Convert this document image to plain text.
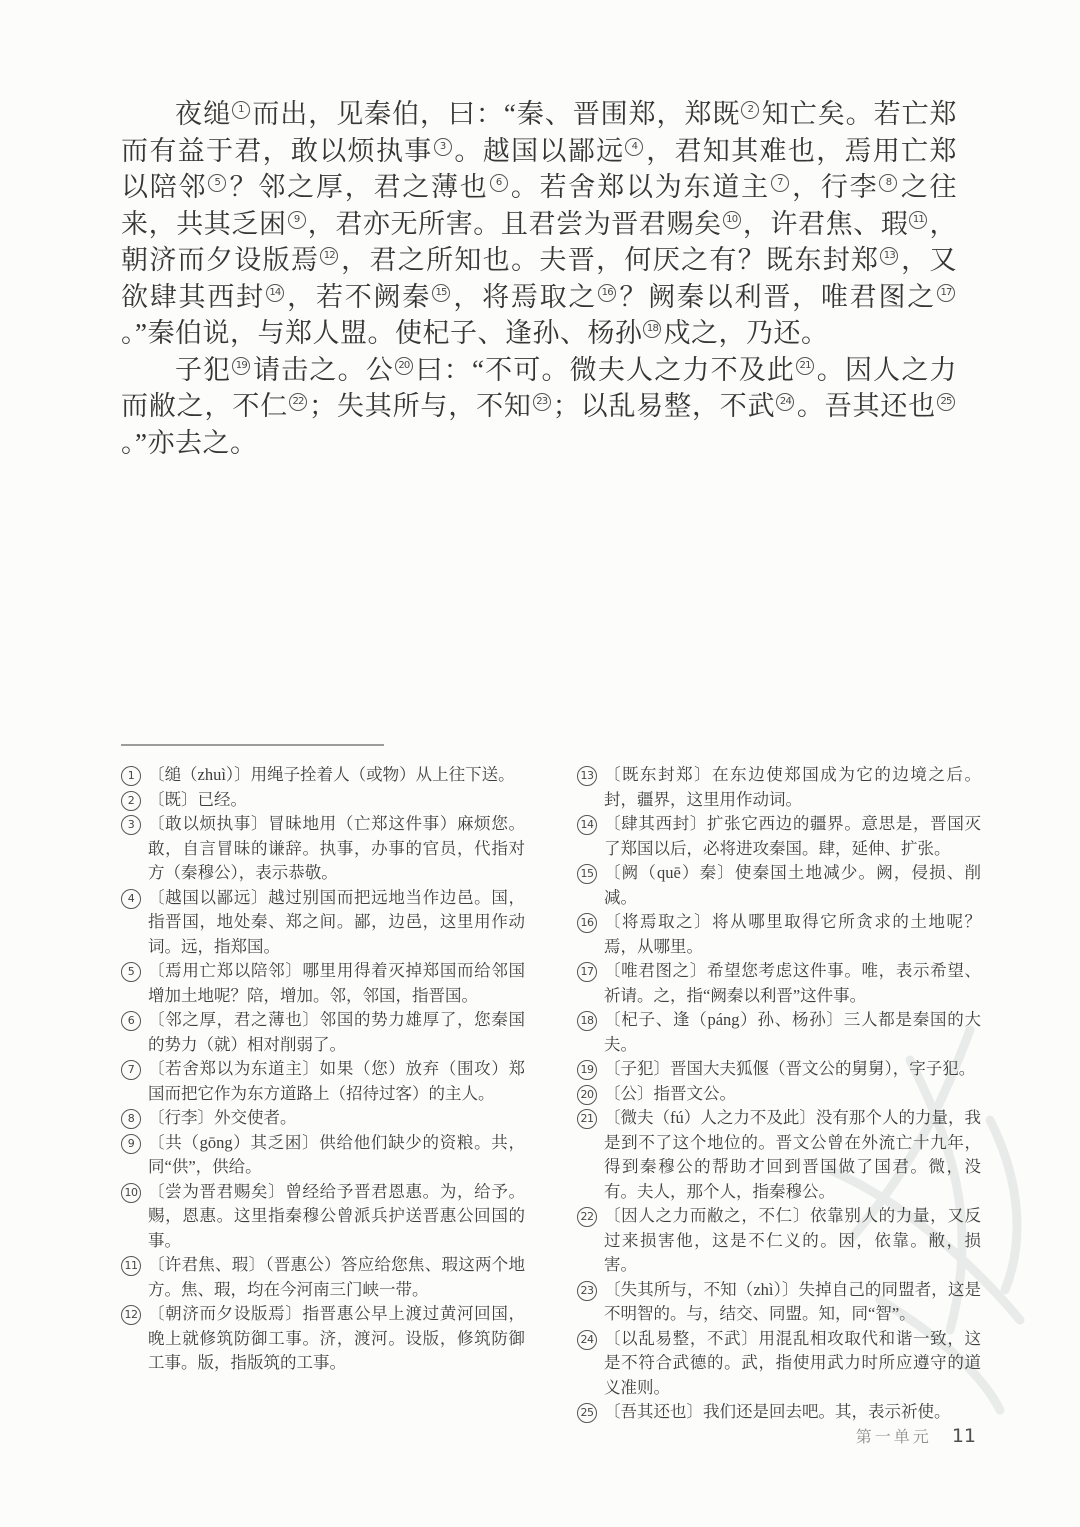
夜缒 1 而出，见秦伯，曰：“秦、晋围郑，郑既 2 知亡矣。若亡郑而有益于君，敢以烦执事 3 。越国以鄙远 4 ，君知其难也，焉用亡郑以陪邻 5 ？邻之厚，君之薄也 6 。若舍郑以为东道主 7 ，行李 8 之往来，共其乏困 9 ，君亦无所害。且君尝为晋君赐矣 10 ，许君焦、瑕 11 ，朝济而夕设版焉 12 ，君之所知也。夫晋，何厌之有？既东封郑 13 ，又欲肆其西封 14 ，若不阙秦 15 ，将焉取之 16 ？阙秦以利晋，唯君图之 17。”秦伯说，与郑人盟。使杞子、逢孙、杨孙 18 戍之，乃还。

子犯 19 请击之。公 20 曰：“不可。微夫人之力不及此 21 。因人之力而敝之，不仁 22 ；失其所与，不知 23 ；以乱易整，不武 24 。吾其还也 25。”亦去之。

1 〔缒（zhuì）〕用绳子拴着人（或物）从上往下送。
2 〔既〕已经。
3 〔敢以烦执事〕冒昧地用（亡郑这件事）麻烦您。敢，自言冒昧的谦辞。执事，办事的官员，代指对方（秦穆公），表示恭敬。
4 〔越国以鄙远〕越过别国而把远地当作边邑。国，指晋国，地处秦、郑之间。鄙，边邑，这里用作动词。远，指郑国。
5 〔焉用亡郑以陪邻〕哪里用得着灭掉郑国而给邻国增加土地呢？陪，增加。邻，邻国，指晋国。
6 〔邻之厚，君之薄也〕邻国的势力雄厚了，您秦国的势力（就）相对削弱了。
7 〔若舍郑以为东道主〕如果（您）放弃（围攻）郑国而把它作为东方道路上（招待过客）的主人。
8 〔行李〕外交使者。
9 〔共（gōng）其乏困〕供给他们缺少的资粮。共，同“供”，供给。
10 〔尝为晋君赐矣〕曾经给予晋君恩惠。为，给予。赐，恩惠。这里指秦穆公曾派兵护送晋惠公回国的事。
11 〔许君焦、瑕〕（晋惠公）答应给您焦、瑕这两个地方。焦、瑕，均在今河南三门峡一带。
12 〔朝济而夕设版焉〕指晋惠公早上渡过黄河回国，晚上就修筑防御工事。济，渡河。设版，修筑防御工事。版，指版筑的工事。
13 〔既东封郑〕在东边使郑国成为它的边境之后。封，疆界，这里用作动词。
14 〔肆其西封〕扩张它西边的疆界。意思是，晋国灭了郑国以后，必将进攻秦国。肆，延伸、扩张。
15 〔阙（quē）秦〕使秦国土地减少。阙，侵损、削减。
16 〔将焉取之〕将从哪里取得它所贪求的土地呢？焉，从哪里。
17 〔唯君图之〕希望您考虑这件事。唯，表示希望、祈请。之，指“阙秦以利晋”这件事。
18 〔杞子、逢（páng）孙、杨孙〕三人都是秦国的大夫。
19 〔子犯〕晋国大夫狐偃（晋文公的舅舅），字子犯。
20 〔公〕指晋文公。
21 〔微夫（fú）人之力不及此〕没有那个人的力量，我是到不了这个地位的。晋文公曾在外流亡十九年，得到秦穆公的帮助才回到晋国做了国君。微，没有。夫人，那个人，指秦穆公。
22 〔因人之力而敝之，不仁〕依靠别人的力量，又反过来损害他，这是不仁义的。因，依靠。敝，损害。
23 〔失其所与，不知（zhì）〕失掉自己的同盟者，这是不明智的。与，结交、同盟。知，同“智”。
24 〔以乱易整，不武〕用混乱相攻取代和谐一致，这是不符合武德的。武，指使用武力时所应遵守的道义准则。
25 〔吾其还也〕我们还是回去吧。其，表示祈使。
第一单元 11
